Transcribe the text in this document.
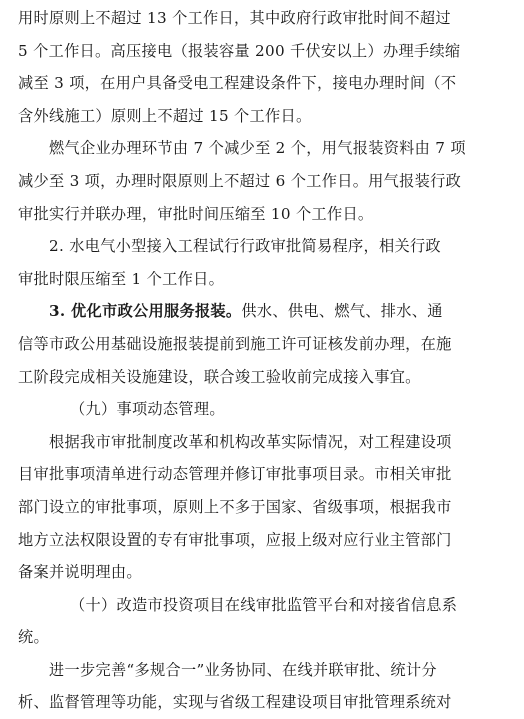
用时原则上不超过 13 个工作日，其中政府行政审批时间不超过
5 个工作日。高压接电（报装容量 200 千伏安以上）办理手续缩
减至 3 项，在用户具备受电工程建设条件下，接电办理时间（不
含外线施工）原则上不超过 15 个工作日。
燃气企业办理环节由 7 个减少至 2 个，用气报装资料由 7 项
减少至 3 项，办理时限原则上不超过 6 个工作日。用气报装行政
审批实行并联办理，审批时间压缩至 10 个工作日。
2. 水电气小型接入工程试行行政审批简易程序，相关行政
审批时限压缩至 1 个工作日。
3. 优化市政公用服务报装。供水、供电、燃气、排水、通
信等市政公用基础设施报装提前到施工许可证核发前办理，在施
工阶段完成相关设施建设，联合竣工验收前完成接入事宜。
（九）事项动态管理。
根据我市审批制度改革和机构改革实际情况，对工程建设项
目审批事项清单进行动态管理并修订审批事项目录。市相关审批
部门设立的审批事项，原则上不多于国家、省级事项，根据我市
地方立法权限设置的专有审批事项，应报上级对应行业主管部门
备案并说明理由。
（十）改造市投资项目在线审批监管平台和对接省信息系
统。
进一步完善“多规合一”业务协同、在线并联审批、统计分
析、监督管理等功能，实现与省级工程建设项目审批管理系统对
